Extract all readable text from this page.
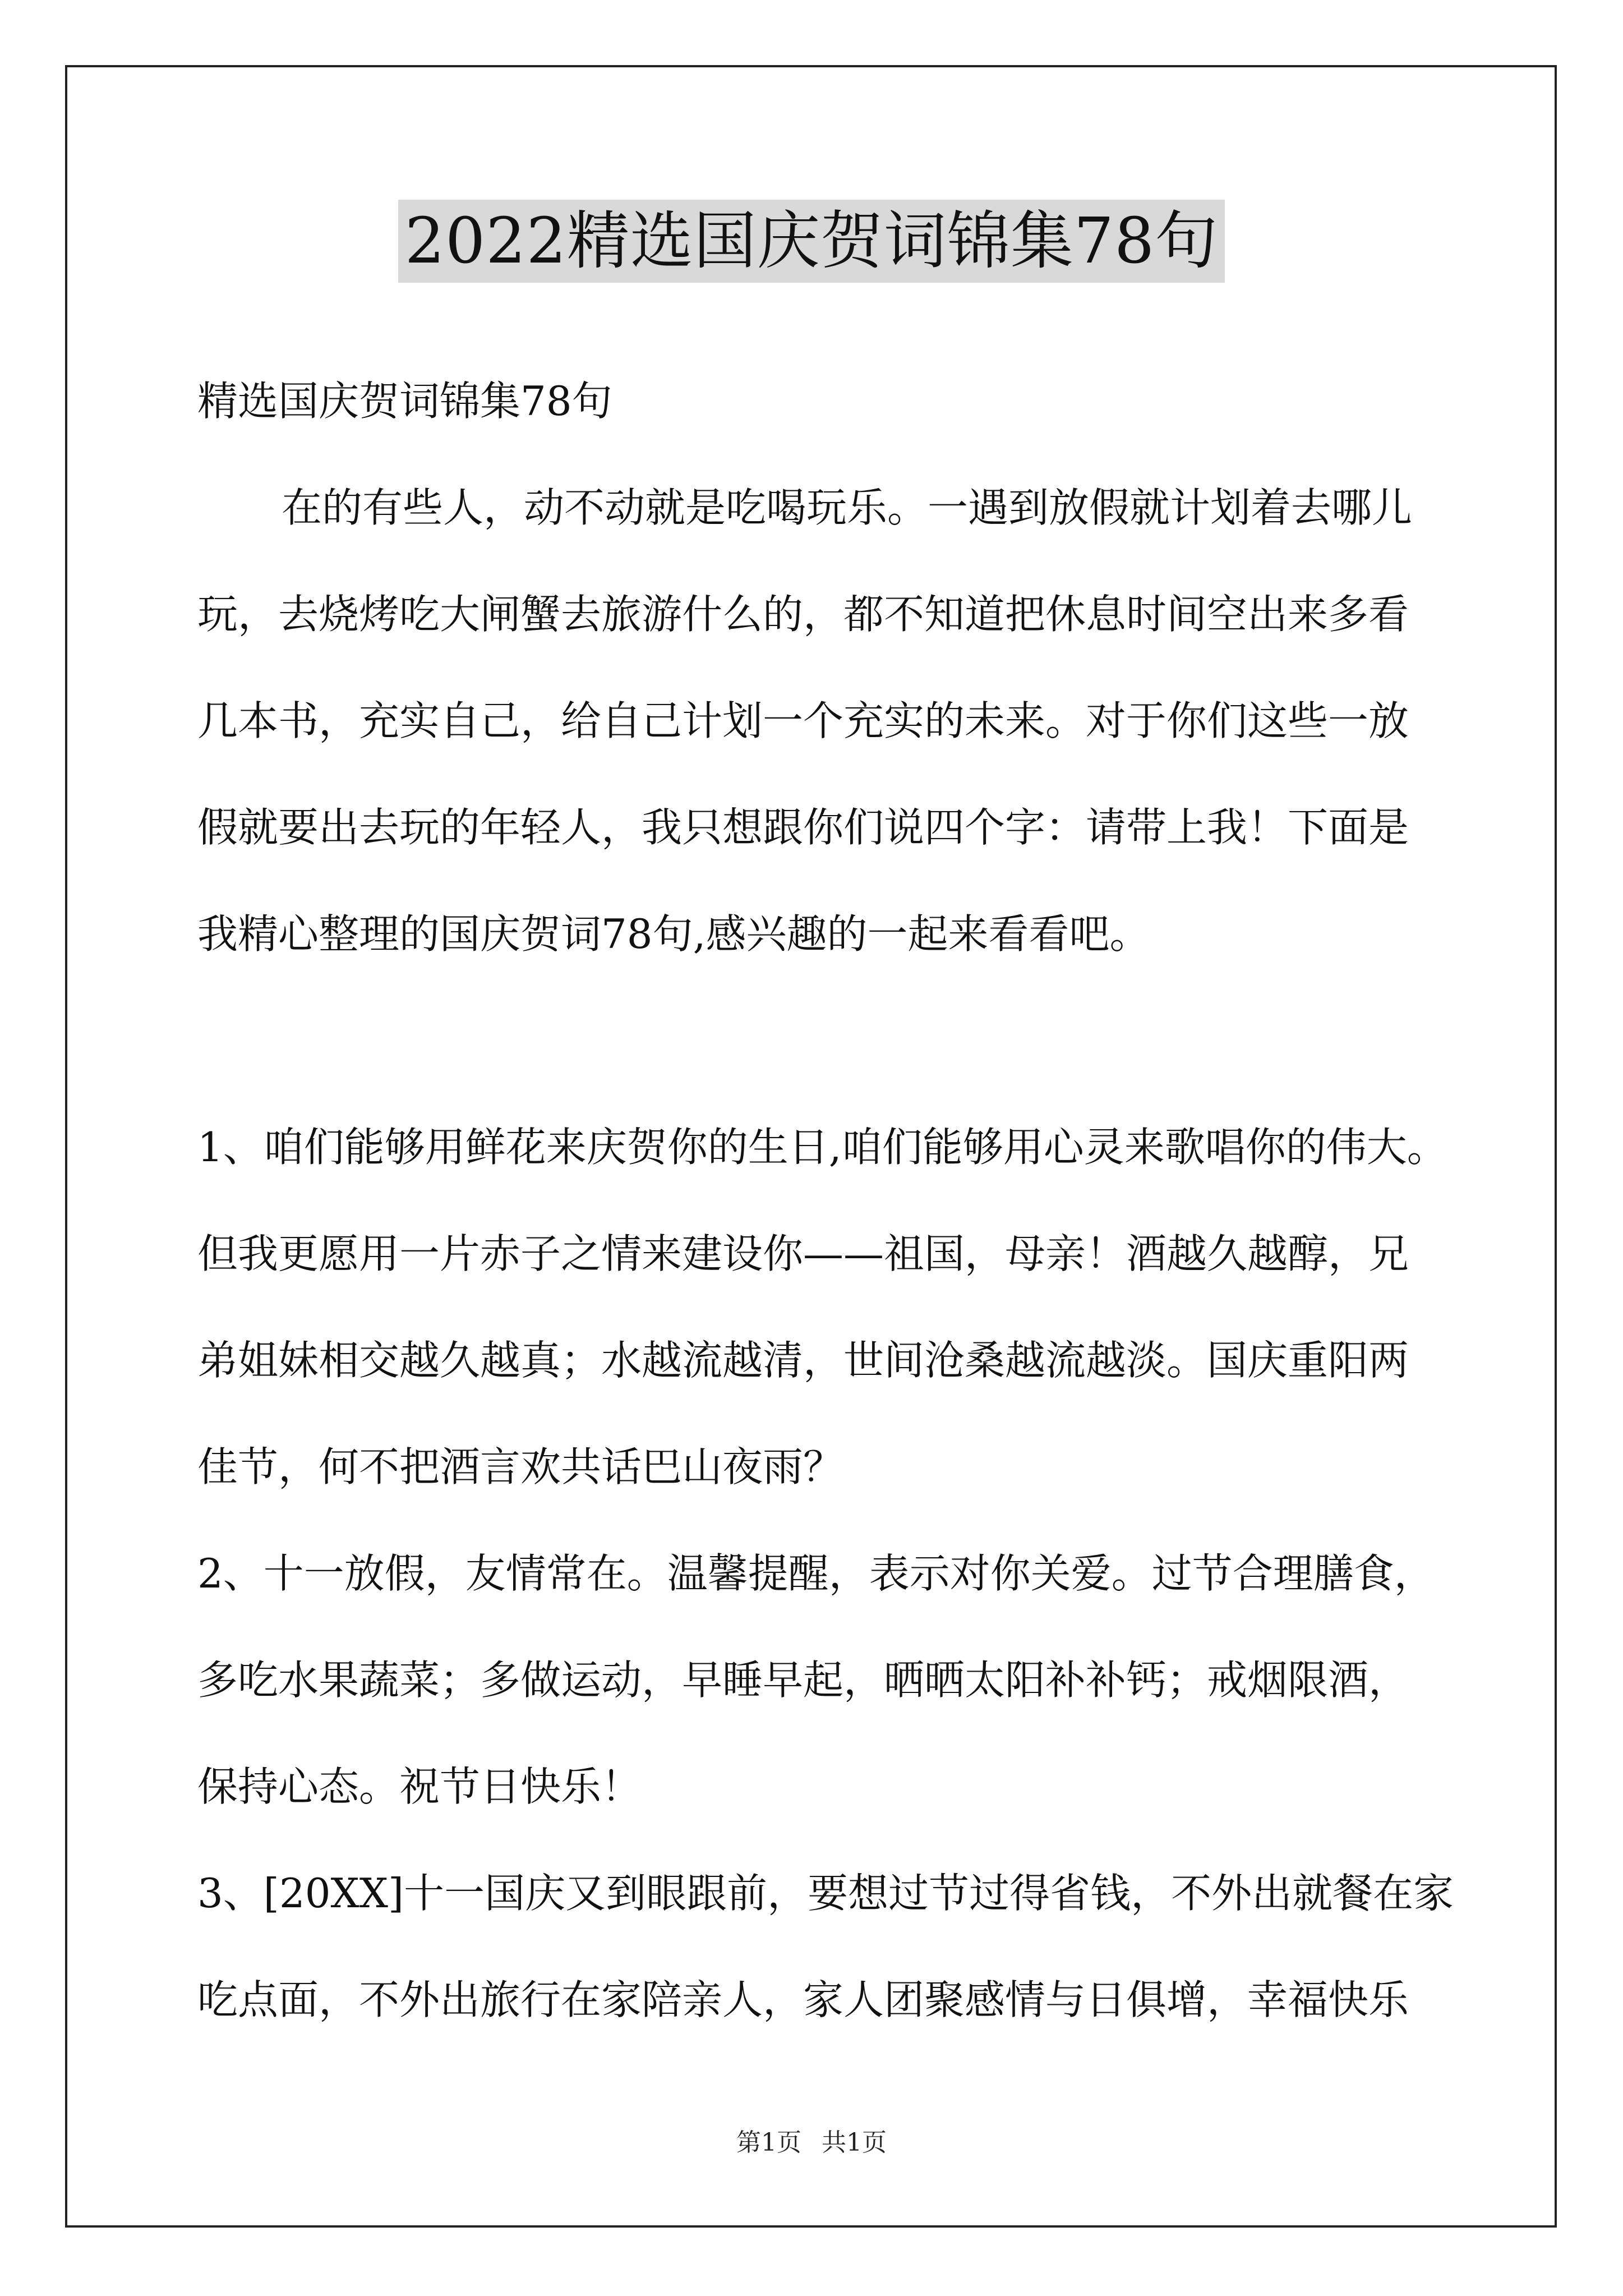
2022精选国庆贺词锦集78句

精选国庆贺词锦集78句

在的有些人，动不动就是吃喝玩乐。一遇到放假就计划着去哪儿

玩，去烧烤吃大闸蟹去旅游什么的，都不知道把休息时间空出来多看

几本书，充实自己，给自己计划一个充实的未来。对于你们这些一放

假就要出去玩的年轻人，我只想跟你们说四个字：请带上我！下面是

我精心整理的国庆贺词78句,感兴趣的一起来看看吧。

1、咱们能够用鲜花来庆贺你的生日,咱们能够用心灵来歌唱你的伟大。

但我更愿用一片赤子之情来建设你——祖国，母亲！酒越久越醇，兄

弟姐妹相交越久越真；水越流越清，世间沧桑越流越淡。国庆重阳两

佳节，何不把酒言欢共话巴山夜雨？

2、十一放假，友情常在。温馨提醒，表示对你关爱。过节合理膳食，

多吃水果蔬菜；多做运动，早睡早起，晒晒太阳补补钙；戒烟限酒，

保持心态。祝节日快乐！

3、[20XX]十一国庆又到眼跟前，要想过节过得省钱，不外出就餐在家

吃点面，不外出旅行在家陪亲人，家人团聚感情与日俱增，幸福快乐

第1页 共1页
